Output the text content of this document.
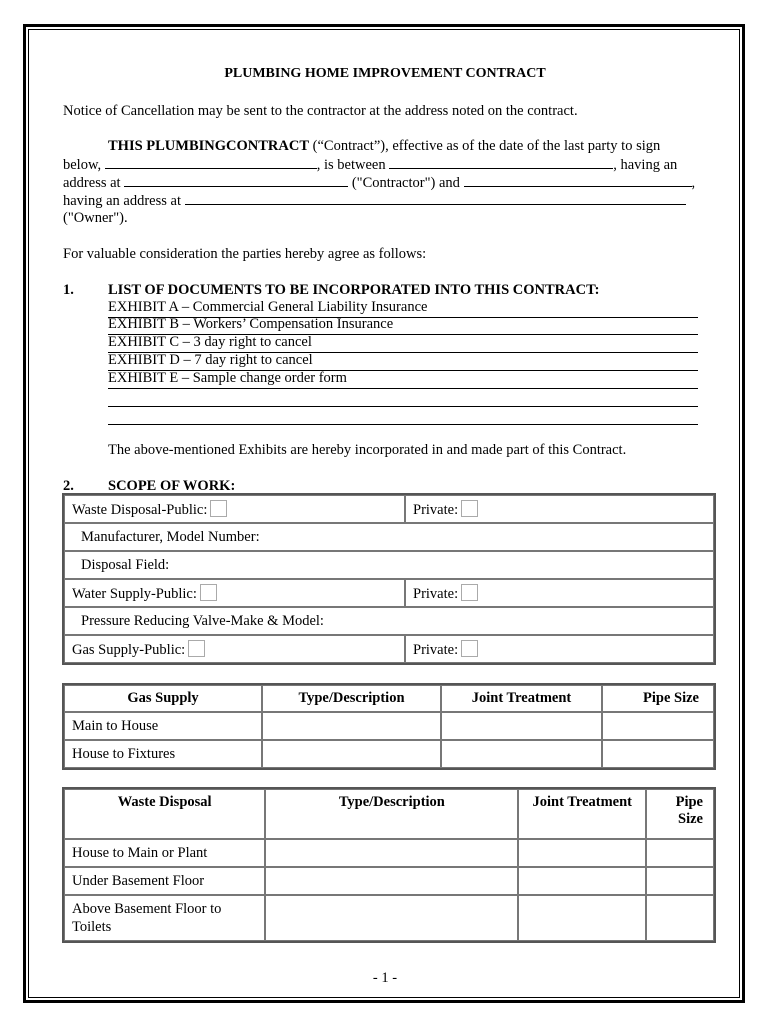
PLUMBING HOME IMPROVEMENT CONTRACT
Notice of Cancellation may be sent to the contractor at the address noted on the contract.
THIS PLUMBINGCONTRACT (“Contract”), effective as of the date of the last party to sign
below,	, is between	, having an
address at	("Contractor") and	,
having an address at
("Owner").
For valuable consideration the parties hereby agree as follows:
1. LIST OF DOCUMENTS TO BE INCORPORATED INTO THIS CONTRACT:
EXHIBIT A – Commercial General Liability Insurance
EXHIBIT B – Workers’ Compensation Insurance
EXHIBIT C – 3 day right to cancel
EXHIBIT D – 7 day right to cancel
EXHIBIT E – Sample change order form
The above-mentioned Exhibits are hereby incorporated in and made part of this Contract.
2. SCOPE OF WORK:
Waste Disposal-Public:	Private:
Manufacturer, Model Number:	
Disposal Field:	
Water Supply-Public:	Private:
Pressure Reducing Valve-Make & Model:	
Gas Supply-Public:	Private:
Gas Supply	Type/Description	Joint Treatment	Pipe Size
Main to House			
House to Fixtures			
Waste Disposal	Type/Description	Joint Treatment	Pipe Size
House to Main or Plant			
Under Basement Floor			
Above Basement Floor to Toilets			
- 1 -
